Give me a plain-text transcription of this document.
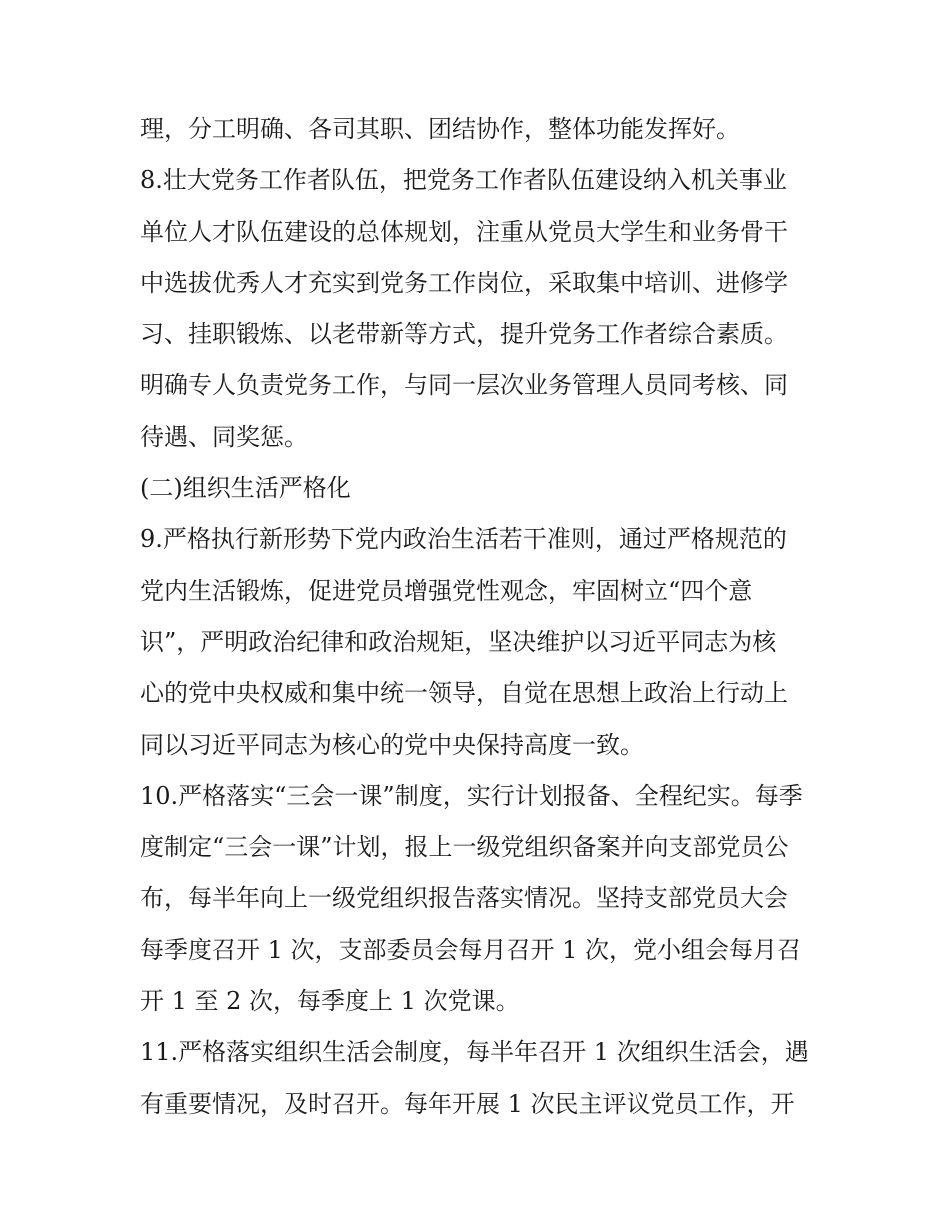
理，分工明确、各司其职、团结协作，整体功能发挥好。
8.壮大党务工作者队伍，把党务工作者队伍建设纳入机关事业
单位人才队伍建设的总体规划，注重从党员大学生和业务骨干
中选拔优秀人才充实到党务工作岗位，采取集中培训、进修学
习、挂职锻炼、以老带新等方式，提升党务工作者综合素质。
明确专人负责党务工作，与同一层次业务管理人员同考核、同
待遇、同奖惩。
(二)组织生活严格化
9.严格执行新形势下党内政治生活若干准则，通过严格规范的
党内生活锻炼，促进党员增强党性观念，牢固树立“四个意
识”，严明政治纪律和政治规矩，坚决维护以习近平同志为核
心的党中央权威和集中统一领导，自觉在思想上政治上行动上
同以习近平同志为核心的党中央保持高度一致。
10.严格落实“三会一课”制度，实行计划报备、全程纪实。每季
度制定“三会一课”计划，报上一级党组织备案并向支部党员公
布，每半年向上一级党组织报告落实情况。坚持支部党员大会
每季度召开 1 次，支部委员会每月召开 1 次，党小组会每月召
开 1 至 2 次，每季度上 1 次党课。
11.严格落实组织生活会制度，每半年召开 1 次组织生活会，遇
有重要情况，及时召开。每年开展 1 次民主评议党员工作，开
